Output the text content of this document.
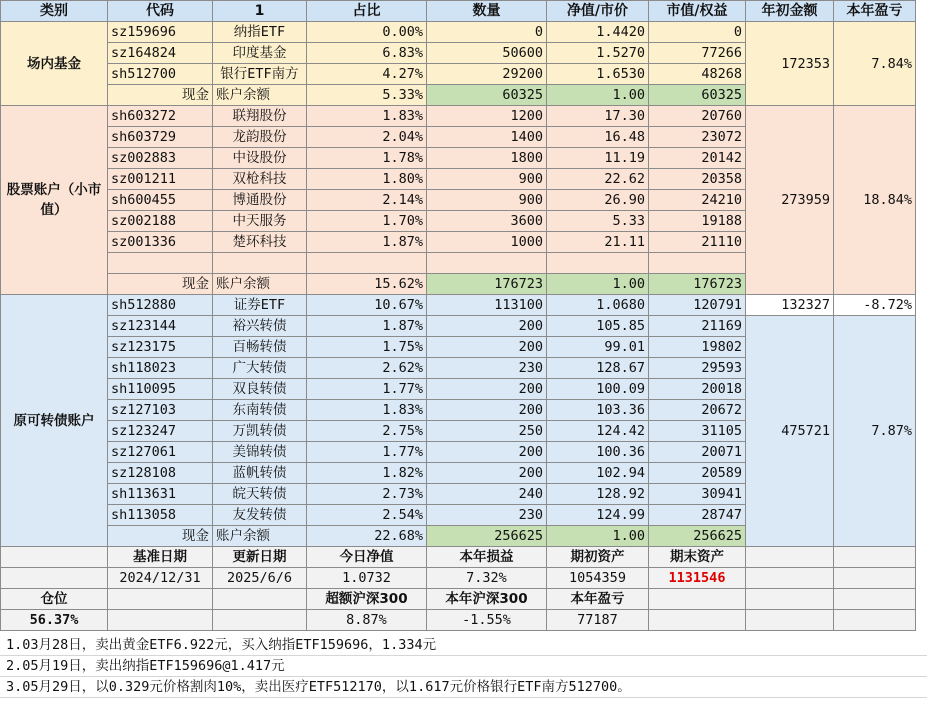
类别	代码	1	占比	数量	净值/市价	市值/权益	年初金额	本年盈亏
场内基金	sz159696	纳指ETF	0.00%	0	1.4420	0	172353	7.84%
	sz164824	印度基金	6.83%	50600	1.5270	77266		
	sh512700	银行ETF南方	4.27%	29200	1.6530	48268		
	现金	账户余额	5.33%	60325	1.00	60325		
股票账户（小市值）	sh603272	联翔股份	1.83%	1200	17.30	20760	273959	18.84%
	sh603729	龙韵股份	2.04%	1400	16.48	23072		
	sz002883	中设股份	1.78%	1800	11.19	20142		
	sz001211	双枪科技	1.80%	900	22.62	20358		
	sh600455	博通股份	2.14%	900	26.90	24210		
	sz002188	中天服务	1.70%	3600	5.33	19188		
	sz001336	楚环科技	1.87%	1000	21.11	21110		

	现金	账户余额	15.62%	176723	1.00	176723		
原可转债账户	sh512880	证券ETF	10.67%	113100	1.0680	120791	132327	-8.72%
	sz123144	裕兴转债	1.87%	200	105.85	21169	475721	7.87%
	sz123175	百畅转债	1.75%	200	99.01	19802		
	sh118023	广大转债	2.62%	230	128.67	29593		
	sh110095	双良转债	1.77%	200	100.09	20018		
	sz127103	东南转债	1.83%	200	103.36	20672		
	sz123247	万凯转债	2.75%	250	124.42	31105		
	sz127061	美锦转债	1.77%	200	100.36	20071		
	sz128108	蓝帆转债	1.82%	200	102.94	20589		
	sh113631	皖天转债	2.73%	240	128.92	30941		
	sh113058	友发转债	2.54%	230	124.99	28747		
	现金	账户余额	22.68%	256625	1.00	256625		
	基准日期	更新日期	今日净值	本年损益	期初资产	期末资产		
	2024/12/31	2025/6/6	1.0732	7.32%	1054359	1131546		
仓位			超额沪深300	本年沪深300	本年盈亏			
56.37%			8.87%	-1.55%	77187			
1.03月28日，卖出黄金ETF6.922元，买入纳指ETF159696，1.334元
2.05月19日，卖出纳指ETF159696@1.417元
3.05月29日，以0.329元价格割肉10%，卖出医疗ETF512170，以1.617元价格银行ETF南方512700。
